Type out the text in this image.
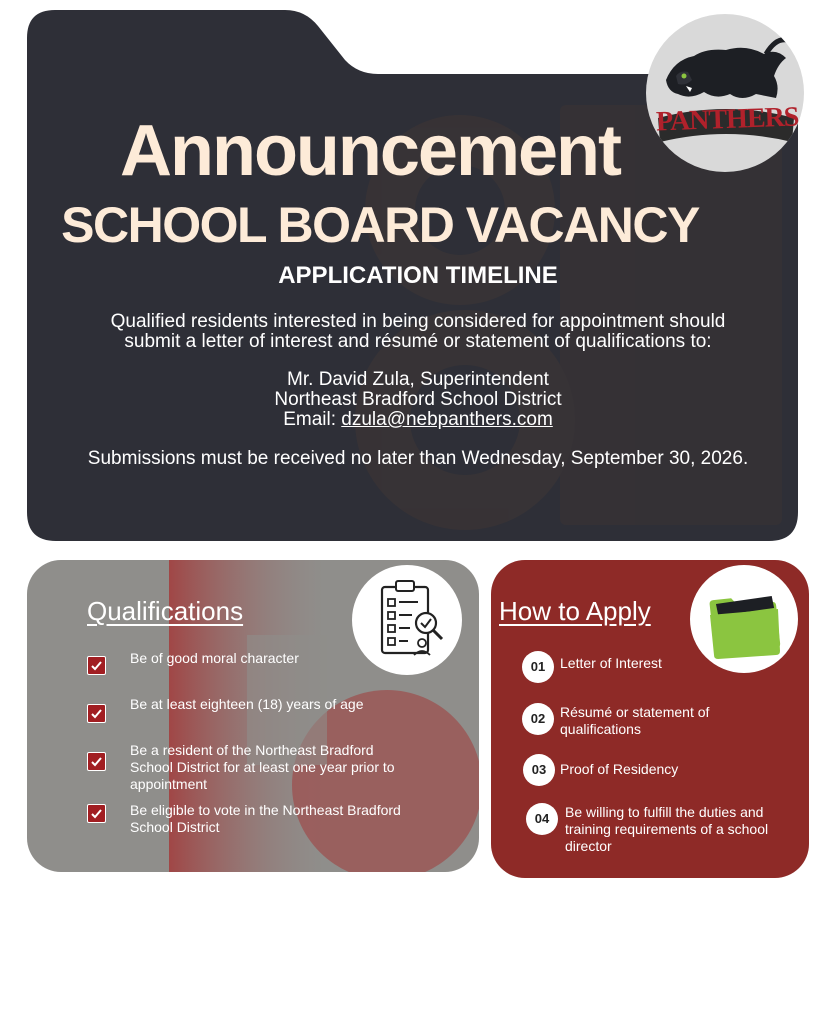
PANTHERS
Announcement
SCHOOL BOARD VACANCY
APPLICATION TIMELINE
Qualified residents interested in being considered for appointment should
submit a letter of interest and résumé or statement of qualifications to:
Mr. David Zula, Superintendent
Northeast Bradford School District
Email: dzula@nebpanthers.com
Submissions must be received no later than Wednesday, September 30, 2026.
Qualifications
Be of good moral character
Be at least eighteen (18) years of age
Be a resident of the Northeast Bradford
School District for at least one year prior to
appointment
Be eligible to vote in the Northeast Bradford
School District
How to Apply
01	Letter of Interest
02	Résumé or statement of
qualifications
03 Proof of Residency
04	Be willing to fulfill the duties and
training requirements of a school
director
